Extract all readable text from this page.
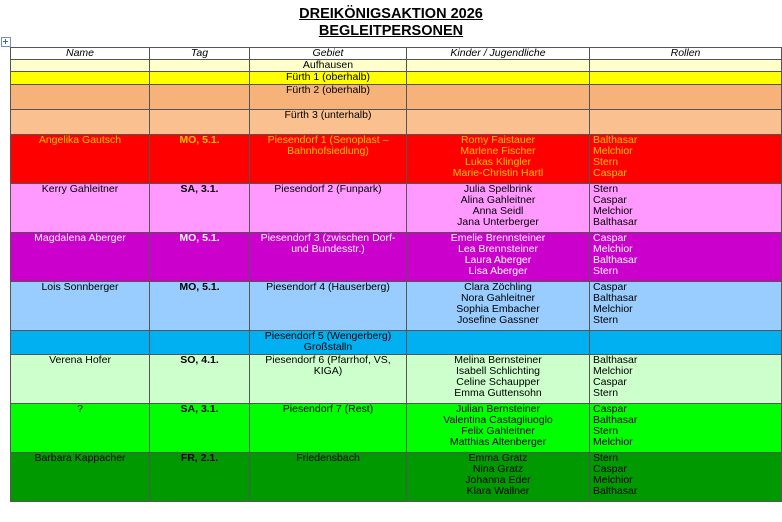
DREIKÖNIGSAKTION 2026
BEGLEITPERSONEN
Name	Tag	Gebiet	Kinder / Jugendliche	Rollen

		Aufhausen		

		Fürth 1 (oberhalb)		

		Fürth 2 (oberhalb)		

		Fürth 3 (unterhalb)		

Angelika Gautsch	MO, 5.1.	Piesendorf 1 (Senoplast –
Bahnhofsiedlung)	Romy Faistauer
Marlene Fischer
Lukas Klingler
Marie-Christin Hartl	Balthasar
Melchior
Stern
Caspar

Kerry Gahleitner	SA, 3.1.	Piesendorf 2 (Funpark)	Julia Spelbrink
Alina Gahleitner
Anna Seidl
Jana Unterberger	Stern
Caspar
Melchior
Balthasar

Magdalena Aberger	MO, 5.1.	Piesendorf 3 (zwischen Dorf-
und Bundesstr.)	Emelie Brennsteiner
Lea Brennsteiner
Laura Aberger
Lisa Aberger	Caspar
Melchior
Balthasar
Stern

Lois Sonnberger	MO, 5.1.	Piesendorf 4 (Hauserberg)	Clara Zöchling
Nora Gahleitner
Sophia Embacher
Josefine Gassner	Caspar
Balthasar
Melchior
Stern

		Piesendorf 5 (Wengerberg)
Großstalln		

Verena Hofer	SO, 4.1.	Piesendorf 6 (Pfarrhof, VS,
KIGA)	Melina Bernsteiner
Isabell Schlichting
Celine Schaupper
Emma Guttensohn	Balthasar
Melchior
Caspar
Stern

?	SA, 3.1.	Piesendorf 7 (Rest)	Julian Bernsteiner
Valentina Castagliuoglo
Felix Gahleitner
Matthias Altenberger	Caspar
Balthasar
Stern
Melchior

Barbara Kappacher	FR, 2.1.	Friedensbach	Emma Gratz
Nina Gratz
Johanna Eder
Klara Wallner	Stern
Caspar
Melchior
Balthasar
